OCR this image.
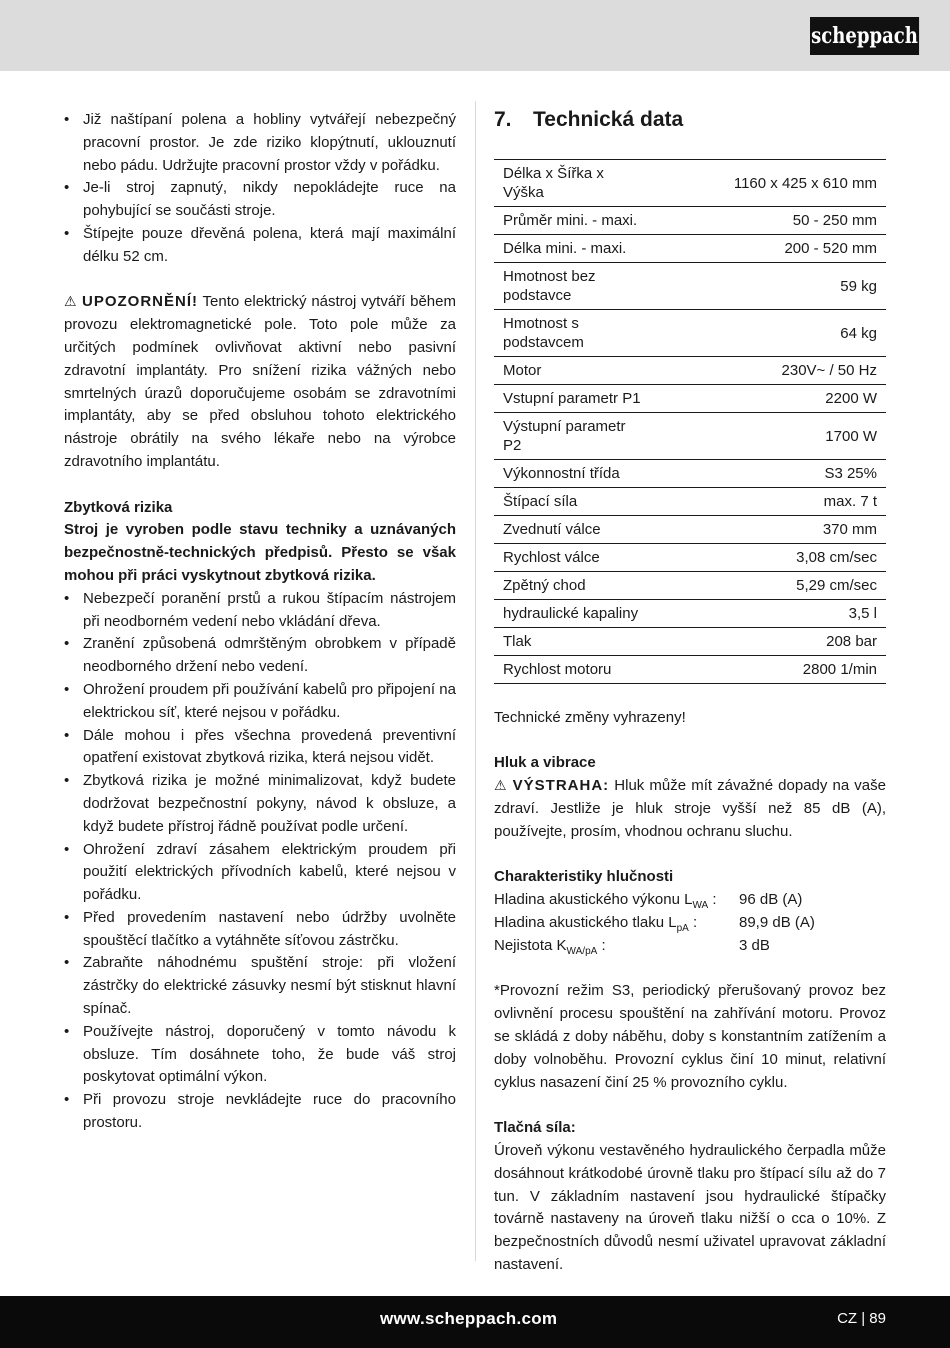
scheppach
• Již naštípaní polena a hobliny vytvářejí nebezpečný pracovní prostor. Je zde riziko klopýtnutí, uklouznutí nebo pádu. Udržujte pracovní prostor vždy v pořádku.
• Je-li stroj zapnutý, nikdy nepokládejte ruce na pohybující se součásti stroje.
• Štípejte pouze dřevěná polena, která mají maximální délku 52 cm.

⚠ UPOZORNĚNÍ! Tento elektrický nástroj vytváří během provozu elektromagnetické pole. Toto pole může za určitých podmínek ovlivňovat aktivní nebo pasivní zdravotní implantáty. Pro snížení rizika vážných nebo smrtelných úrazů doporučujeme osobám se zdravotními implantáty, aby se před obsluhou tohoto elektrického nástroje obrátily na svého lékaře nebo na výrobce zdravotního implantátu.

Zbytková rizika

Stroj je vyroben podle stavu techniky a uznávaných bezpečnostně-technických předpisů. Přesto se však mohou při práci vyskytnout zbytková rizika.

• Nebezpečí poranění prstů a rukou štípacím nástrojem při neodborném vedení nebo vkládání dřeva.
• Zranění způsobená odmrštěným obrobkem v případě neodborného držení nebo vedení.
• Ohrožení proudem při používání kabelů pro připojení na elektrickou síť, které nejsou v pořádku.
• Dále mohou i přes všechna provedená preventivní opatření existovat zbytková rizika, která nejsou vidět.
• Zbytková rizika je možné minimalizovat, když budete dodržovat bezpečnostní pokyny, návod k obsluze, a když budete přístroj řádně používat podle určení.
• Ohrožení zdraví zásahem elektrickým proudem při použití elektrických přívodních kabelů, které nejsou v pořádku.
• Před provedením nastavení nebo údržby uvolněte spouštěcí tlačítko a vytáhněte síťovou zástrčku.
• Zabraňte náhodnému spuštění stroje: při vložení zástrčky do elektrické zásuvky nesmí být stisknut hlavní spínač.
• Používejte nástroj, doporučený v tomto návodu k obsluze. Tím dosáhnete toho, že bude váš stroj poskytovat optimální výkon.
• Při provozu stroje nevkládejte ruce do pracovního prostoru.
7.	Technická data
Délka x Šířka x Výška	1160 x 425 x 610 mm
Průměr mini. - maxi.	50 - 250 mm
Délka mini. - maxi.	200 - 520 mm
Hmotnost bez podstavce	59 kg
Hmotnost s podstavcem	64 kg
Motor	230V~ / 50 Hz
Vstupní parametr P1	2200 W
Výstupní parametr P2	1700 W
Výkonnostní třída	S3 25%
Štípací síla	max. 7 t
Zvednutí válce	370 mm
Rychlost válce	3,08 cm/sec
Zpětný chod	5,29 cm/sec
hydraulické kapaliny	3,5 l
Tlak	208 bar
Rychlost motoru	2800 1/min

Technické změny vyhrazeny!

Hluk a vibrace

⚠ VÝSTRAHA: Hluk může mít závažné dopady na vaše zdraví. Jestliže je hluk stroje vyšší než 85 dB (A), používejte, prosím, vhodnou ochranu sluchu.

Charakteristiky hlučnosti

Hladina akustického výkonu $L_{WA}$ :	96 dB (A)
Hladina akustického tlaku $L_{pA}$ :	89,9 dB (A)
Nejistota $K_{WA/pA}$ :	3 dB

*Provozní režim S3, periodický přerušovaný provoz bez ovlivnění procesu spouštění na zahřívání motoru. Provoz se skládá z doby náběhu, doby s konstantním zatížením a doby volnoběhu. Provozní cyklus činí 10 minut, relativní cyklus nasazení činí 25 % provozního cyklu.

Tlačná síla:

Úroveň výkonu vestavěného hydraulického čerpadla může dosáhnout krátkodobé úrovně tlaku pro štípací sílu až do 7 tun. V základním nastavení jsou hydraulické štípačky továrně nastaveny na úroveň tlaku nižší o cca o 10%. Z bezpečnostních důvodů nesmí uživatel upravovat základní nastavení.

www.scheppach.com	CZ | 89
